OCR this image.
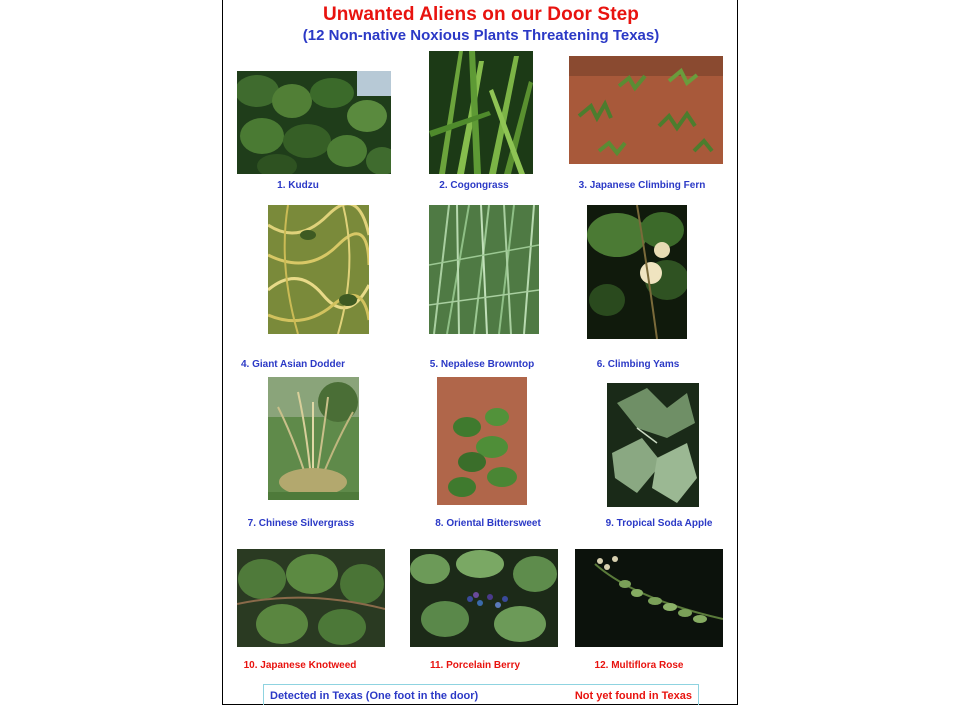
Unwanted Aliens on our Door Step
(12 Non-native Noxious Plants Threatening Texas)
1. Kudzu	2. Cogongrass	3. Japanese Climbing Fern
4. Giant Asian Dodder	5. Nepalese Browntop	6. Climbing Yams
7. Chinese Silvergrass	8. Oriental Bittersweet	9. Tropical Soda Apple
10. Japanese Knotweed	11. Porcelain Berry	12. Multiflora Rose
Detected in Texas (One foot in the door)	Not yet found in Texas
